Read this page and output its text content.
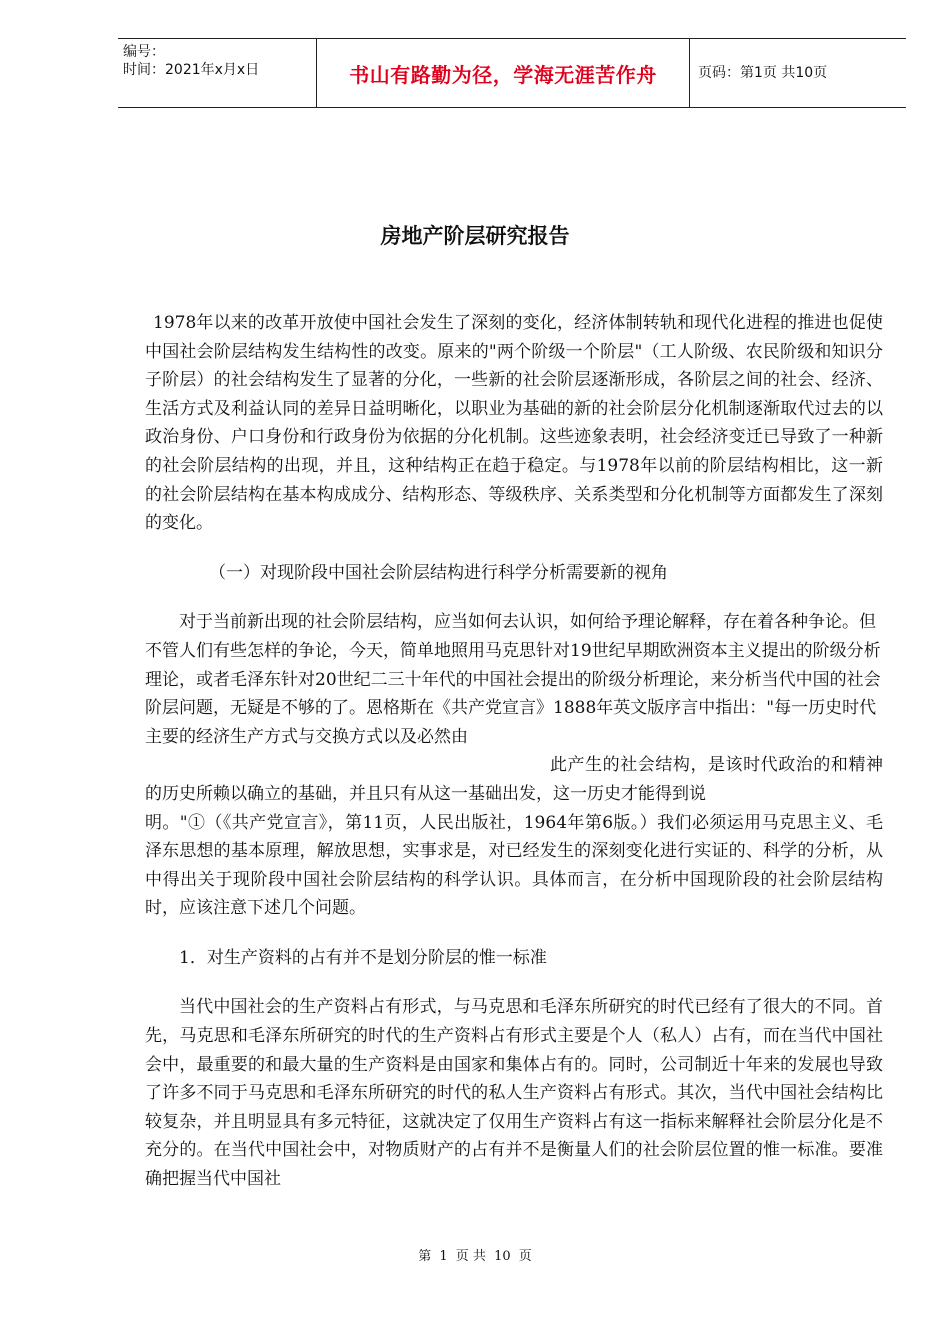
编号：
时间：2021年x月x日	书山有路勤为径，学海无涯苦作舟	页码：第1页 共10页
房地产阶层研究报告

1978年以来的改革开放使中国社会发生了深刻的变化，经济体制转轨和现代化进程的推进也促使中国社会阶层结构发生结构性的改变。原来的"两个阶级一个阶层"（工人阶级、农民阶级和知识分子阶层）的社会结构发生了显著的分化，一些新的社会阶层逐渐形成，各阶层之间的社会、经济、生活方式及利益认同的差异日益明晰化，以职业为基础的新的社会阶层分化机制逐渐取代过去的以政治身份、户口身份和行政身份为依据的分化机制。这些迹象表明，社会经济变迁已导致了一种新的社会阶层结构的出现，并且，这种结构正在趋于稳定。与1978年以前的阶层结构相比，这一新的社会阶层结构在基本构成成分、结构形态、等级秩序、关系类型和分化机制等方面都发生了深刻的变化。

（一）对现阶段中国社会阶层结构进行科学分析需要新的视角

对于当前新出现的社会阶层结构，应当如何去认识，如何给予理论解释，存在着各种争论。但不管人们有些怎样的争论，今天，简单地照用马克思针对19世纪早期欧洲资本主义提出的阶级分析理论，或者毛泽东针对20世纪二三十年代的中国社会提出的阶级分析理论，来分析当代中国的社会阶层问题，无疑是不够的了。恩格斯在《共产党宣言》1888年英文版序言中指出："每一历史时代主要的经济生产方式与交换方式以及必然由

此产生的社会结构，是该时代政治的和精神的历史所赖以确立的基础，并且只有从这一基础出发，这一历史才能得到说

明。"①（《共产党宣言》，第11页，人民出版社，1964年第6版。）我们必须运用马克思主义、毛泽东思想的基本原理，解放思想，实事求是，对已经发生的深刻变化进行实证的、科学的分析，从中得出关于现阶段中国社会阶层结构的科学认识。具体而言，在分析中国现阶段的社会阶层结构时，应该注意下述几个问题。

1．对生产资料的占有并不是划分阶层的惟一标准

当代中国社会的生产资料占有形式，与马克思和毛泽东所研究的时代已经有了很大的不同。首先，马克思和毛泽东所研究的时代的生产资料占有形式主要是个人（私人）占有，而在当代中国社会中，最重要的和最大量的生产资料是由国家和集体占有的。同时，公司制近十年来的发展也导致了许多不同于马克思和毛泽东所研究的时代的私人生产资料占有形式。其次，当代中国社会结构比较复杂，并且明显具有多元特征，这就决定了仅用生产资料占有这一指标来解释社会阶层分化是不充分的。在当代中国社会中，对物质财产的占有并不是衡量人们的社会阶层位置的惟一标准。要准确把握当代中国社

第 1 页 共 10 页
